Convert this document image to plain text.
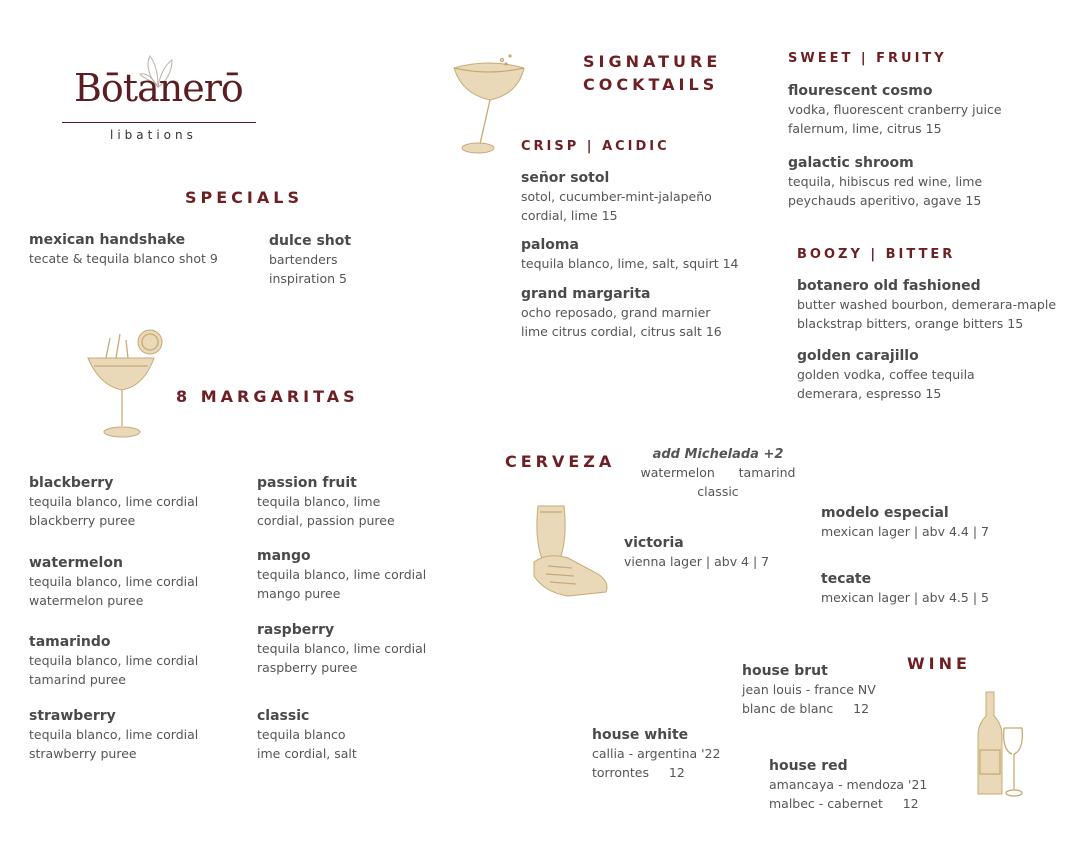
Bōtanerō
libations
SPECIALS
mexican handshake
tecate & tequila blanco shot 9
dulce shot
bartenders
inspiration 5
8 MARGARITAS
blackberry
tequila blanco, lime cordial
blackberry puree
watermelon
tequila blanco, lime cordial
watermelon puree
tamarindo
tequila blanco, lime cordial
tamarind puree
strawberry
tequila blanco, lime cordial
strawberry puree
passion fruit
tequila blanco, lime
cordial, passion puree
mango
tequila blanco, lime cordial
mango puree
raspberry
tequila blanco, lime cordial
raspberry puree
classic
tequila blanco
ime cordial, salt
SIGNATURE
COCKTAILS
CRISP | ACIDIC
señor sotol
sotol, cucumber-mint-jalapeño
cordial, lime 15
paloma
tequila blanco, lime, salt, squirt 14
grand margarita
ocho reposado, grand marnier
lime citrus cordial, citrus salt 16
SWEET | FRUITY
flourescent cosmo
vodka, fluorescent cranberry juice
falernum, lime, citrus 15
galactic shroom
tequila, hibiscus red wine, lime
peychauds aperitivo, agave 15
BOOZY | BITTER
botanero old fashioned
butter washed bourbon, demerara-maple
blackstrap bitters, orange bitters 15
golden carajillo
golden vodka, coffee tequila
demerara, espresso 15
CERVEZA	add Michelada +2
watermelon      tamarind
classic
victoria
vienna lager | abv 4 | 7
modelo especial
mexican lager | abv 4.4 | 7
tecate
mexican lager | abv 4.5 | 5
WINE
house brut
jean louis - france NV
blanc de blanc     12
house white
callia - argentina '22
torrontes     12	house red
amancaya - mendoza '21
malbec - cabernet     12
